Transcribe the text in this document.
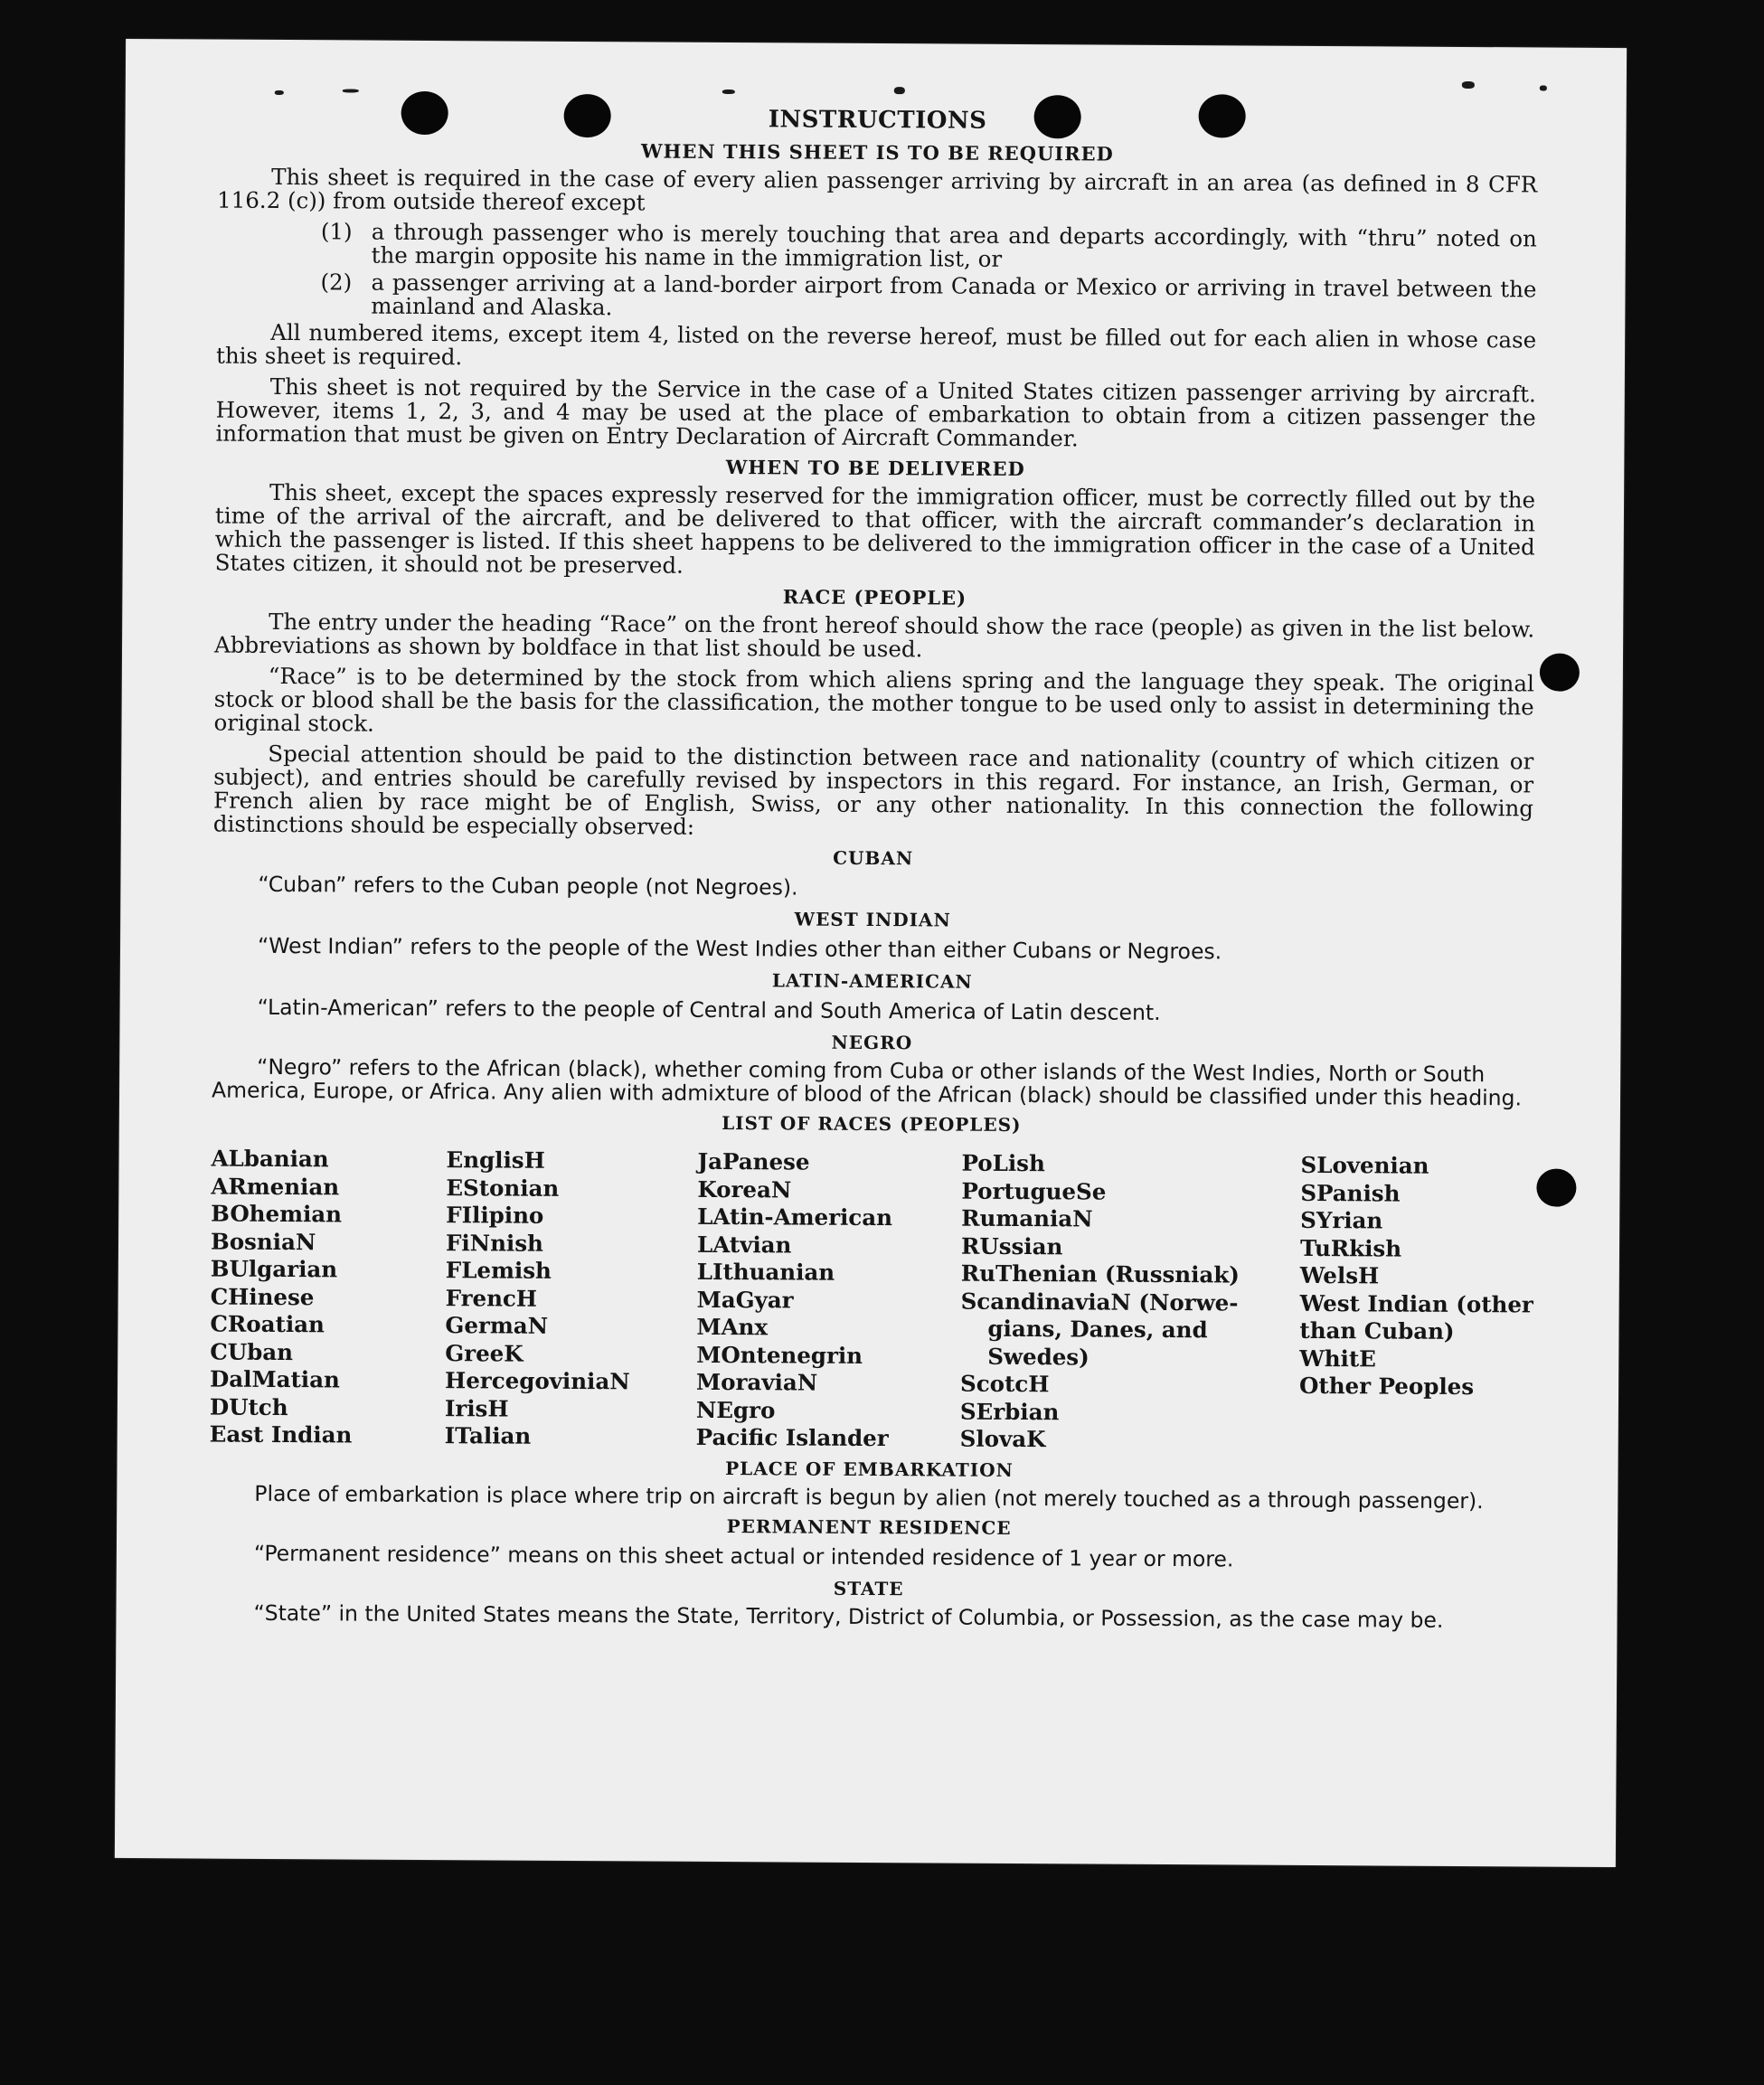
INSTRUCTIONS
WHEN THIS SHEET IS TO BE REQUIRED

This sheet is required in the case of every alien passenger arriving by aircraft in an area (as defined in 8 CFR 116.2 (c)) from outside thereof except

(1) a through passenger who is merely touching that area and departs accordingly, with “thru” noted on the margin opposite his name in the immigration list, or
(2) a passenger arriving at a land-border airport from Canada or Mexico or arriving in travel between the mainland and Alaska.

All numbered items, except item 4, listed on the reverse hereof, must be filled out for each alien in whose case this sheet is required.

This sheet is not required by the Service in the case of a United States citizen passenger arriving by aircraft. However, items 1, 2, 3, and 4 may be used at the place of embarkation to obtain from a citizen passenger the information that must be given on Entry Declaration of Aircraft Commander.

WHEN TO BE DELIVERED

This sheet, except the spaces expressly reserved for the immigration officer, must be correctly filled out by the time of the arrival of the aircraft, and be delivered to that officer, with the aircraft commander’s declaration in which the passenger is listed. If this sheet happens to be delivered to the immigration officer in the case of a United States citizen, it should not be preserved.

RACE (PEOPLE)

The entry under the heading “Race” on the front hereof should show the race (people) as given in the list below. Abbreviations as shown by boldface in that list should be used.

“Race” is to be determined by the stock from which aliens spring and the language they speak. The original stock or blood shall be the basis for the classification, the mother tongue to be used only to assist in determining the original stock.

Special attention should be paid to the distinction between race and nationality (country of which citizen or subject), and entries should be carefully revised by inspectors in this regard. For instance, an Irish, German, or French alien by race might be of English, Swiss, or any other nationality. In this connection the following distinctions should be especially observed:

CUBAN
“Cuban” refers to the Cuban people (not Negroes).
WEST INDIAN
“West Indian” refers to the people of the West Indies other than either Cubans or Negroes.
LATIN-AMERICAN
“Latin-American” refers to the people of Central and South America of Latin descent.
NEGRO
“Negro” refers to the African (black), whether coming from Cuba or other islands of the West Indies, North or South America, Europe, or Africa. Any alien with admixture of blood of the African (black) should be classified under this heading.
LIST OF RACES (PEOPLES)
ALbanian
ARmenian
BOhemian
BosniaN
BUlgarian
CHinese
CRoatian
CUban
DalMatian
DUtch
East Indian
EnglisH
EStonian
FIlipino
FiNnish
FLemish
FrencH
GermaN
GreeK
HercegoviniaN
IrisH
ITalian
JaPanese
KoreaN
LAtin-American
LAtvian
LIthuanian
MaGyar
MAnx
MOntenegrin
MoraviaN
NEgro
Pacific Islander
PoLish
PortugueSe
RumaniaN
RUssian
RuThenian (Russniak)
ScandinaviaN (Norwe-
gians, Danes, and
Swedes)
ScotcH
SErbian
SlovaK
SLovenian
SPanish
SYrian
TuRkish
WelsH
West Indian (other
than Cuban)
WhitE
Other Peoples
PLACE OF EMBARKATION
Place of embarkation is place where trip on aircraft is begun by alien (not merely touched as a through passenger).
PERMANENT RESIDENCE
“Permanent residence” means on this sheet actual or intended residence of 1 year or more.
STATE
“State” in the United States means the State, Territory, District of Columbia, or Possession, as the case may be.
